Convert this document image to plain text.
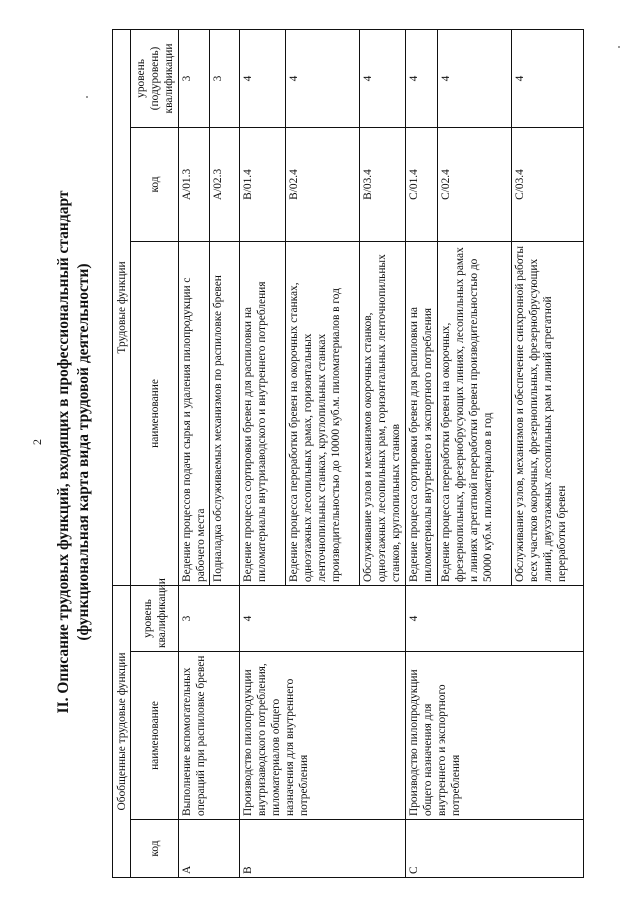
2 II. Описание трудовых функций, входящих в профессиональный стандарт (функциональная карта вида трудовой деятельности)
Обобщенные трудовые функции			Трудовые функции		
код	наименование	уровень квалификации	наименование	код	уровень (подуровень) квалификации
A	Выполнение вспомогательных операций при распиловке бревен	3	Ведение процессов подачи сырья и удаления пилопродукции с рабочего места	A/01.3	3
			Подналадка обслуживаемых механизмов по распиловке бревен	A/02.3	3
B	Производство пилопродукции внутризаводского потребления, пиломатериалов общего назначения для внутреннего потребления	4	Ведение процесса сортировки бревен для распиловки на пиломатериалы внутризаводского и внутреннего потребления	B/01.4	4
			Ведение процесса переработки бревен на окорочных станках, одноэтажных лесопильных рамах, горизонтальных ленточнопильных станках, круглопильных станках производительностью до 10000 куб.м. пиломатериалов в год	B/02.4	4
			Обслуживание узлов и механизмов окорочных станков, одноэтажных лесопильных рам, горизонтальных ленточнопильных станков, круглопильных станков	B/03.4	4
C	Производство пилопродукции общего назначения для внутреннего и экспортного потребления	4	Ведение процесса сортировки бревен для распиловки на пиломатериалы внутреннего и экспортного потребления	C/01.4	4
			Ведение процесса переработки бревен на окорочных, фрезернопильных, фрезернобрусующих линиях, лесопильных рамах и линиях агрегатной переработки бревен производительностью до 50000 куб.м. пиломатериалов в год	C/02.4	4
			Обслуживание узлов, механизмов и обеспечение синхронной работы всех участков окорочных, фрезернопильных, фрезернобрусующих линий, двухэтажных лесопильных рам и линий агрегатной переработки бревен	C/03.4	4
